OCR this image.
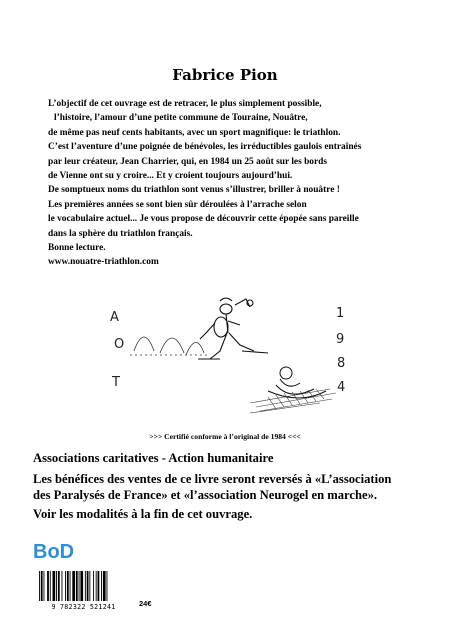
Fabrice Pion
L’objectif de cet ouvrage est de retracer, le plus simplement possible,
l’histoire, l’amour d’une petite commune de Touraine, Nouâtre,
de même pas neuf cents habitants, avec un sport magnifique: le triathlon.
C’est l’aventure d’une poignée de bénévoles, les irréductibles gaulois entraînés
par leur créateur, Jean Charrier, qui, en 1984 un 25 août sur les bords
de Vienne ont su y croire... Et y croient toujours aujourd’hui.
De somptueux noms du triathlon sont venus s’illustrer, briller à nouâtre !
Les premières années se sont bien sûr déroulées à l’arrache selon
le vocabulaire actuel... Je vous propose de découvrir cette épopée sans pareille
dans la sphère du triathlon français.
Bonne lecture.
www.nouatre-triathlon.com
A
O
T
1
9
8
4
>>> Certifié conforme à l’original de 1984 <<<
Associations caritatives - Action humanitaire
Les bénéfices des ventes de ce livre seront reversés à «L’association
des Paralysés de France» et «l’association Neurogel en marche».
Voir les modalités à la fin de cet ouvrage.
BoD
9 782322 521241	24€
